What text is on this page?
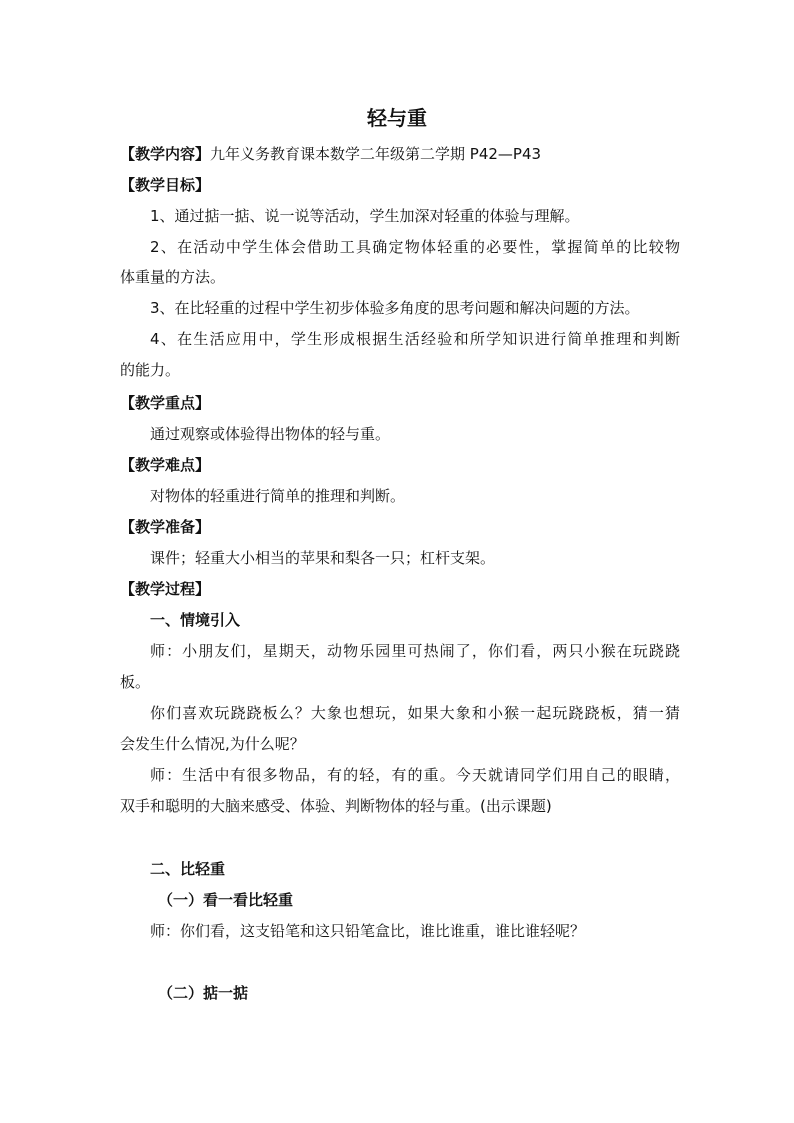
轻与重
【教学内容】九年义务教育课本数学二年级第二学期 P42—P43
【教学目标】
1、通过掂一掂、说一说等活动，学生加深对轻重的体验与理解。
2、在活动中学生体会借助工具确定物体轻重的必要性，掌握简单的比较物
体重量的方法。
3、在比轻重的过程中学生初步体验多角度的思考问题和解决问题的方法。
4、在生活应用中，学生形成根据生活经验和所学知识进行简单推理和判断
的能力。
【教学重点】
通过观察或体验得出物体的轻与重。
【教学难点】
对物体的轻重进行简单的推理和判断。
【教学准备】
课件；轻重大小相当的苹果和梨各一只；杠杆支架。
【教学过程】
一、情境引入
师：小朋友们，星期天，动物乐园里可热闹了，你们看，两只小猴在玩跷跷
板。
你们喜欢玩跷跷板么？大象也想玩，如果大象和小猴一起玩跷跷板，猜一猜
会发生什么情况,为什么呢？
师：生活中有很多物品，有的轻，有的重。今天就请同学们用自己的眼睛，
双手和聪明的大脑来感受、体验、判断物体的轻与重。(出示课题)
二、比轻重
（一）看一看比轻重
师：你们看，这支铅笔和这只铅笔盒比，谁比谁重，谁比谁轻呢？
（二）掂一掂
